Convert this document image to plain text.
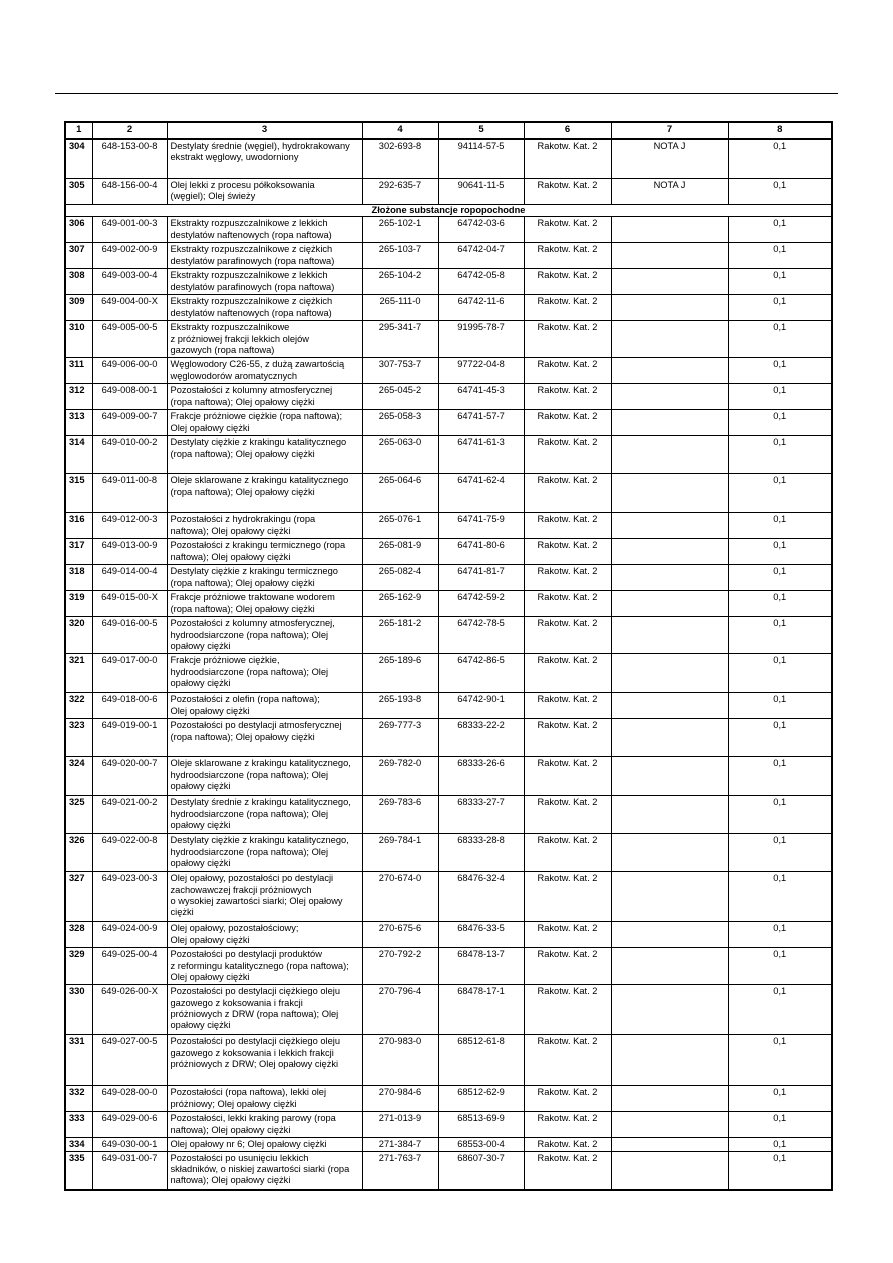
1	2	3	4	5	6	7	8
304	648-153-00-8	Destylaty średnie (węgiel), hydrokrakowany
ekstrakt węglowy, uwodorniony	302-693-8	94114-57-5	Rakotw. Kat. 2	NOTA J	0,1
305	648-156-00-4	Olej lekki z procesu półkoksowania
(węgiel); Olej świeży	292-635-7	90641-11-5	Rakotw. Kat. 2	NOTA J	0,1
Złożone substancje ropopochodne							
306	649-001-00-3	Ekstrakty rozpuszczalnikowe z lekkich
destylatów naftenowych (ropa naftowa)	265-102-1	64742-03-6	Rakotw. Kat. 2		0,1
307	649-002-00-9	Ekstrakty rozpuszczalnikowe z ciężkich
destylatów parafinowych (ropa naftowa)	265-103-7	64742-04-7	Rakotw. Kat. 2		0,1
308	649-003-00-4	Ekstrakty rozpuszczalnikowe z lekkich
destylatów parafinowych (ropa naftowa)	265-104-2	64742-05-8	Rakotw. Kat. 2		0,1
309	649-004-00-X	Ekstrakty rozpuszczalnikowe z ciężkich
destylatów naftenowych (ropa naftowa)	265-111-0	64742-11-6	Rakotw. Kat. 2		0,1
310	649-005-00-5	Ekstrakty rozpuszczalnikowe
z próżniowej frakcji lekkich olejów
gazowych (ropa naftowa)	295-341-7	91995-78-7	Rakotw. Kat. 2		0,1
311	649-006-00-0	Węglowodory C26-55, z dużą zawartością
węglowodorów aromatycznych	307-753-7	97722-04-8	Rakotw. Kat. 2		0,1
312	649-008-00-1	Pozostałości z kolumny atmosferycznej
(ropa naftowa); Olej opałowy ciężki	265-045-2	64741-45-3	Rakotw. Kat. 2		0,1
313	649-009-00-7	Frakcje próżniowe ciężkie (ropa naftowa);
Olej opałowy ciężki	265-058-3	64741-57-7	Rakotw. Kat. 2		0,1
314	649-010-00-2	Destylaty ciężkie z krakingu katalitycznego
(ropa naftowa); Olej opałowy ciężki	265-063-0	64741-61-3	Rakotw. Kat. 2		0,1
315	649-011-00-8	Oleje sklarowane z krakingu katalitycznego
(ropa naftowa); Olej opałowy ciężki	265-064-6	64741-62-4	Rakotw. Kat. 2		0,1
316	649-012-00-3	Pozostałości z hydrokrakingu (ropa
naftowa); Olej opałowy ciężki	265-076-1	64741-75-9	Rakotw. Kat. 2		0,1
317	649-013-00-9	Pozostałości z krakingu termicznego (ropa
naftowa); Olej opałowy ciężki	265-081-9	64741-80-6	Rakotw. Kat. 2		0,1
318	649-014-00-4	Destylaty ciężkie z krakingu termicznego
(ropa naftowa); Olej opałowy ciężki	265-082-4	64741-81-7	Rakotw. Kat. 2		0,1
319	649-015-00-X	Frakcje próżniowe traktowane wodorem
(ropa naftowa); Olej opałowy ciężki	265-162-9	64742-59-2	Rakotw. Kat. 2		0,1
320	649-016-00-5	Pozostałości z kolumny atmosferycznej,
hydroodsiarczone (ropa naftowa); Olej
opałowy ciężki	265-181-2	64742-78-5	Rakotw. Kat. 2		0,1
321	649-017-00-0	Frakcje próżniowe ciężkie,
hydroodsiarczone (ropa naftowa); Olej
opałowy ciężki	265-189-6	64742-86-5	Rakotw. Kat. 2		0,1
322	649-018-00-6	Pozostałości z olefin (ropa naftowa);
Olej opałowy ciężki	265-193-8	64742-90-1	Rakotw. Kat. 2		0,1
323	649-019-00-1	Pozostałości po destylacji atmosferycznej
(ropa naftowa); Olej opałowy ciężki	269-777-3	68333-22-2	Rakotw. Kat. 2		0,1
324	649-020-00-7	Oleje sklarowane z krakingu katalitycznego,
hydroodsiarczone (ropa naftowa); Olej
opałowy ciężki	269-782-0	68333-26-6	Rakotw. Kat. 2		0,1
325	649-021-00-2	Destylaty średnie z krakingu katalitycznego,
hydroodsiarczone (ropa naftowa); Olej
opałowy ciężki	269-783-6	68333-27-7	Rakotw. Kat. 2		0,1
326	649-022-00-8	Destylaty ciężkie z krakingu katalitycznego,
hydroodsiarczone (ropa naftowa); Olej
opałowy ciężki	269-784-1	68333-28-8	Rakotw. Kat. 2		0,1
327	649-023-00-3	Olej opałowy, pozostałości po destylacji
zachowawczej frakcji próżniowych
o wysokiej zawartości siarki; Olej opałowy
ciężki	270-674-0	68476-32-4	Rakotw. Kat. 2		0,1
328	649-024-00-9	Olej opałowy, pozostałościowy;
Olej opałowy ciężki	270-675-6	68476-33-5	Rakotw. Kat. 2		0,1
329	649-025-00-4	Pozostałości po destylacji produktów
z reformingu katalitycznego (ropa naftowa);
Olej opałowy ciężki	270-792-2	68478-13-7	Rakotw. Kat. 2		0,1
330	649-026-00-X	Pozostałości po destylacji ciężkiego oleju
gazowego z koksowania i frakcji
próżniowych z DRW (ropa naftowa); Olej
opałowy ciężki	270-796-4	68478-17-1	Rakotw. Kat. 2		0,1
331	649-027-00-5	Pozostałości po destylacji ciężkiego oleju
gazowego z koksowania i lekkich frakcji
próżniowych z DRW; Olej opałowy ciężki	270-983-0	68512-61-8	Rakotw. Kat. 2		0,1
332	649-028-00-0	Pozostałości (ropa naftowa), lekki olej
próżniowy; Olej opałowy ciężki	270-984-6	68512-62-9	Rakotw. Kat. 2		0,1
333	649-029-00-6	Pozostałości, lekki kraking parowy (ropa
naftowa); Olej opałowy ciężki	271-013-9	68513-69-9	Rakotw. Kat. 2		0,1
334	649-030-00-1	Olej opałowy nr 6; Olej opałowy ciężki	271-384-7	68553-00-4	Rakotw. Kat. 2		0,1
335	649-031-00-7	Pozostałości po usunięciu lekkich
składników, o niskiej zawartości siarki (ropa
naftowa); Olej opałowy ciężki	271-763-7	68607-30-7	Rakotw. Kat. 2		0,1
